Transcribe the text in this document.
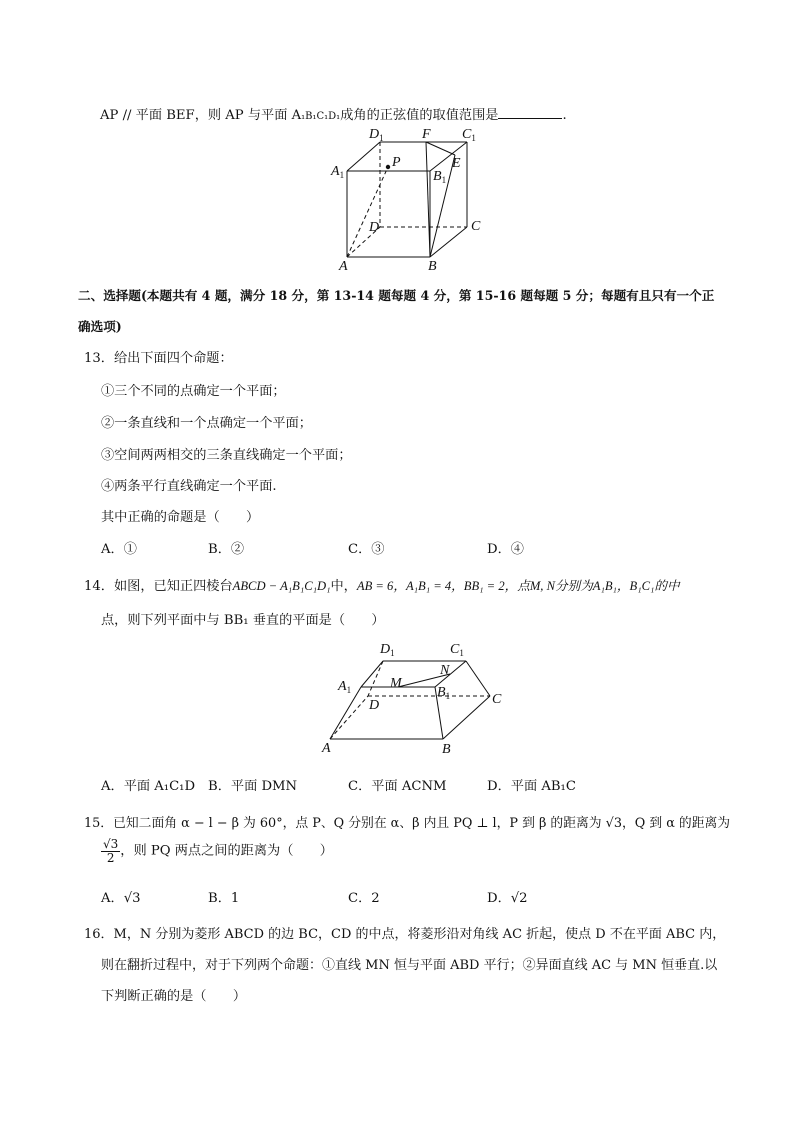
AP // 平面 BEF，则 AP 与平面 A₁B₁C₁D₁成角的正弦值的取值范围是	.
$D_1$	F $C_1$
$A_1$
P
$B_1$
E
D	C
A	B
二、选择题(本题共有 4 题，满分 18 分，第 13-14 题每题 4 分，第 15-16 题每题 5 分；每题有且只有一个正
确选项)
13．给出下面四个命题：
①三个不同的点确定一个平面；
②一条直线和一个点确定一个平面；
③空间两两相交的三条直线确定一个平面；
④两条平行直线确定一个平面.
其中正确的命题是（　　）
A．①	B．②	C．③	D．④
14．如图，已知正四棱台ABCD − A₁B₁C₁D₁中，AB = 6，A₁B₁ = 4，BB₁ = 2，点M, N分别为A₁B₁，B₁C₁的中
点，则下列平面中与 BB₁ 垂直的平面是（　　）
$D_1$	$C_1$
N
$A_1$	M
$B_1$	C
D
A	B
A．平面 A₁C₁D B．平面 DMN	C．平面 ACNM	D．平面 AB₁C
15．已知二面角 α − l − β 为 60°，点 P、Q 分别在 α、β 内且 PQ ⊥ l，P 到 β 的距离为 √3，Q 到 α 的距离为
$\frac{√3}{2}$ ，则 PQ 两点之间的距离为（　　）
A．√3	B．1	C．2	D．√2
16．M，N 分别为菱形 ABCD 的边 BC，CD 的中点，将菱形沿对角线 AC 折起，使点 D 不在平面 ABC 内，
则在翻折过程中，对于下列两个命题：①直线 MN 恒与平面 ABD 平行；②异面直线 AC 与 MN 恒垂直.以
下判断正确的是（　　）
